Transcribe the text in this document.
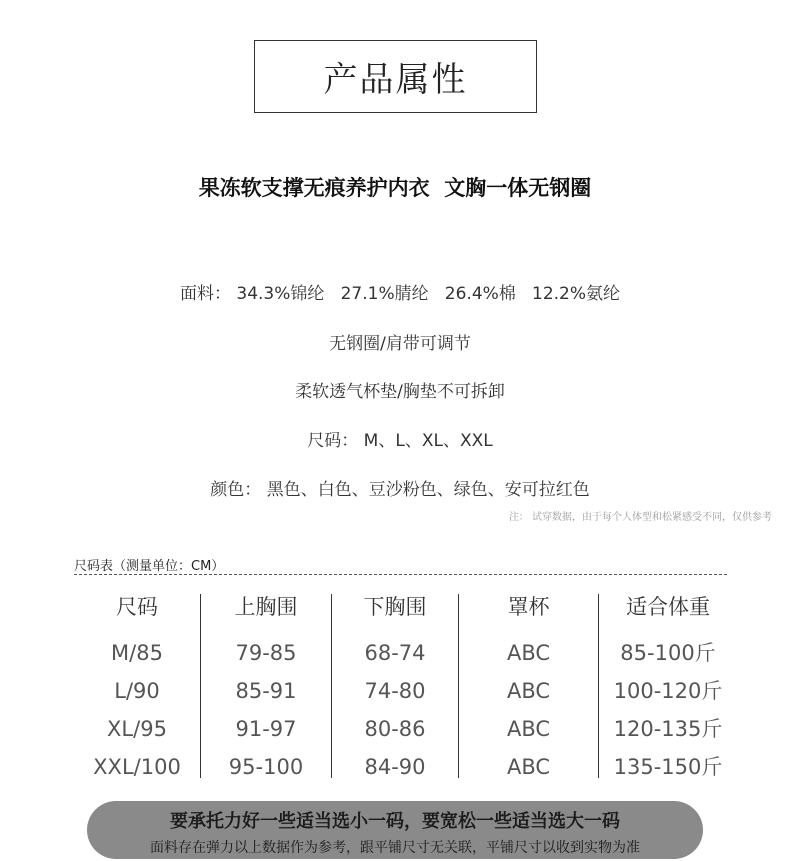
产品属性
果冻软支撑无痕养护内衣  文胸一体无钢圈
面料： 34.3%锦纶   27.1%腈纶   26.4%棉   12.2%氨纶
无钢圈/肩带可调节
柔软透气杯垫/胸垫不可拆卸
尺码： M、L、XL、XXL
颜色： 黑色、白色、豆沙粉色、绿色、安可拉红色
注： 试穿数据，由于每个人体型和松紧感受不同，仅供参考
尺码表（测量单位：CM）
尺码
M/85
L/90
XL/95
XXL/100
上胸围
79-85
85-91
91-97
95-100
下胸围
68-74
74-80
80-86
84-90
罩杯
ABC
ABC
ABC
ABC
适合体重
85-100斤
100-120斤
120-135斤
135-150斤
要承托力好一些适当选小一码，要宽松一些适当选大一码
面料存在弹力以上数据作为参考，跟平铺尺寸无关联，平铺尺寸以收到实物为准
